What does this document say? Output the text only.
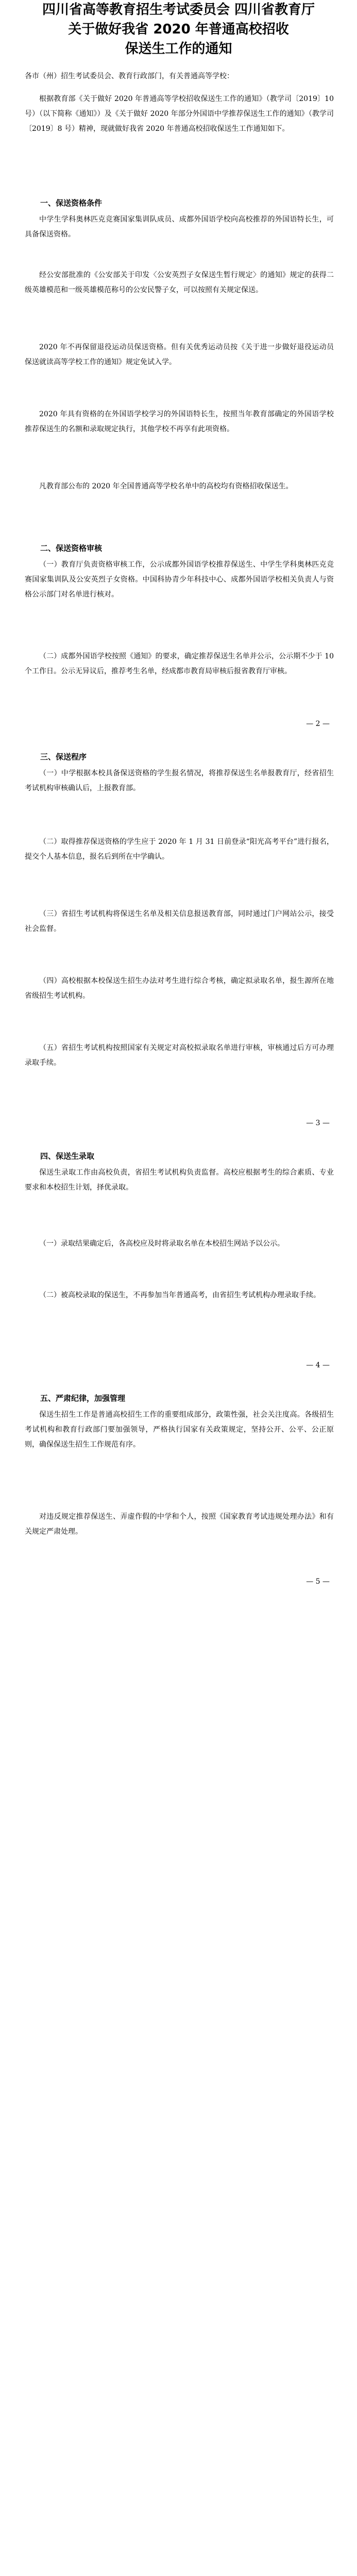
四川省高等教育招生考试委员会 四川省教育厅
关于做好我省 2020 年普通高校招收
保送生工作的通知

各市（州）招生考试委员会、教育行政部门，有关普通高等学校：

根据教育部《关于做好 2020 年普通高等学校招收保送生工作的通知》（教学司〔2019〕10 号）（以下简称《通知》）及《关于做好 2020 年部分外国语中学推荐保送生工作的通知》（教学司〔2019〕8 号）精神，现就做好我省 2020 年普通高校招收保送生工作通知如下。

一、保送资格条件

中学生学科奥林匹克竞赛国家集训队成员、成都外国语学校向高校推荐的外国语特长生，可具备保送资格。

经公安部批准的《公安部关于印发〈公安英烈子女保送生暂行规定〉的通知》规定的获得二级英雄模范和一级英雄模范称号的公安民警子女，可以按照有关规定保送。

2020 年不再保留退役运动员保送资格。但有关优秀运动员按《关于进一步做好退役运动员保送就读高等学校工作的通知》规定免试入学。

2020 年具有资格的在外国语学校学习的外国语特长生，按照当年教育部确定的外国语学校推荐保送生的名额和录取规定执行，其他学校不再享有此项资格。

凡教育部公布的 2020 年全国普通高等学校名单中的高校均有资格招收保送生。

二、保送资格审核

（一）教育厅负责资格审核工作，公示成都外国语学校推荐保送生、中学生学科奥林匹克竞赛国家集训队及公安英烈子女资格。中国科协青少年科技中心、成都外国语学校相关负责人与资格公示部门对名单进行核对。

（二）成都外国语学校按照《通知》的要求，确定推荐保送生名单并公示，公示期不少于 10 个工作日。公示无异议后，推荐考生名单，经成都市教育局审核后报省教育厅审核。

— 2 —
三、保送程序

（一）中学根据本校具备保送资格的学生报名情况，将推荐保送生名单报教育厅，经省招生考试机构审核确认后，上报教育部。

（二）取得推荐保送资格的学生应于 2020 年 1 月 31 日前登录“阳光高考平台”进行报名，提交个人基本信息，报名后到所在中学确认。

（三）省招生考试机构将保送生名单及相关信息报送教育部，同时通过门户网站公示，接受社会监督。

（四）高校根据本校保送生招生办法对考生进行综合考核，确定拟录取名单，报生源所在地省级招生考试机构。

（五）省招生考试机构按照国家有关规定对高校拟录取名单进行审核，审核通过后方可办理录取手续。

— 3 —
四、保送生录取

保送生录取工作由高校负责，省招生考试机构负责监督。高校应根据考生的综合素质、专业要求和本校招生计划，择优录取。

（一）录取结果确定后，各高校应及时将录取名单在本校招生网站予以公示。

（二）被高校录取的保送生，不再参加当年普通高考，由省招生考试机构办理录取手续。

— 4 —
五、严肃纪律，加强管理

保送生招生工作是普通高校招生工作的重要组成部分，政策性强，社会关注度高。各级招生考试机构和教育行政部门要加强领导，严格执行国家有关政策规定，坚持公开、公平、公正原则，确保保送生招生工作规范有序。

对违反规定推荐保送生、弄虚作假的中学和个人，按照《国家教育考试违规处理办法》和有关规定严肃处理。

— 5 —
